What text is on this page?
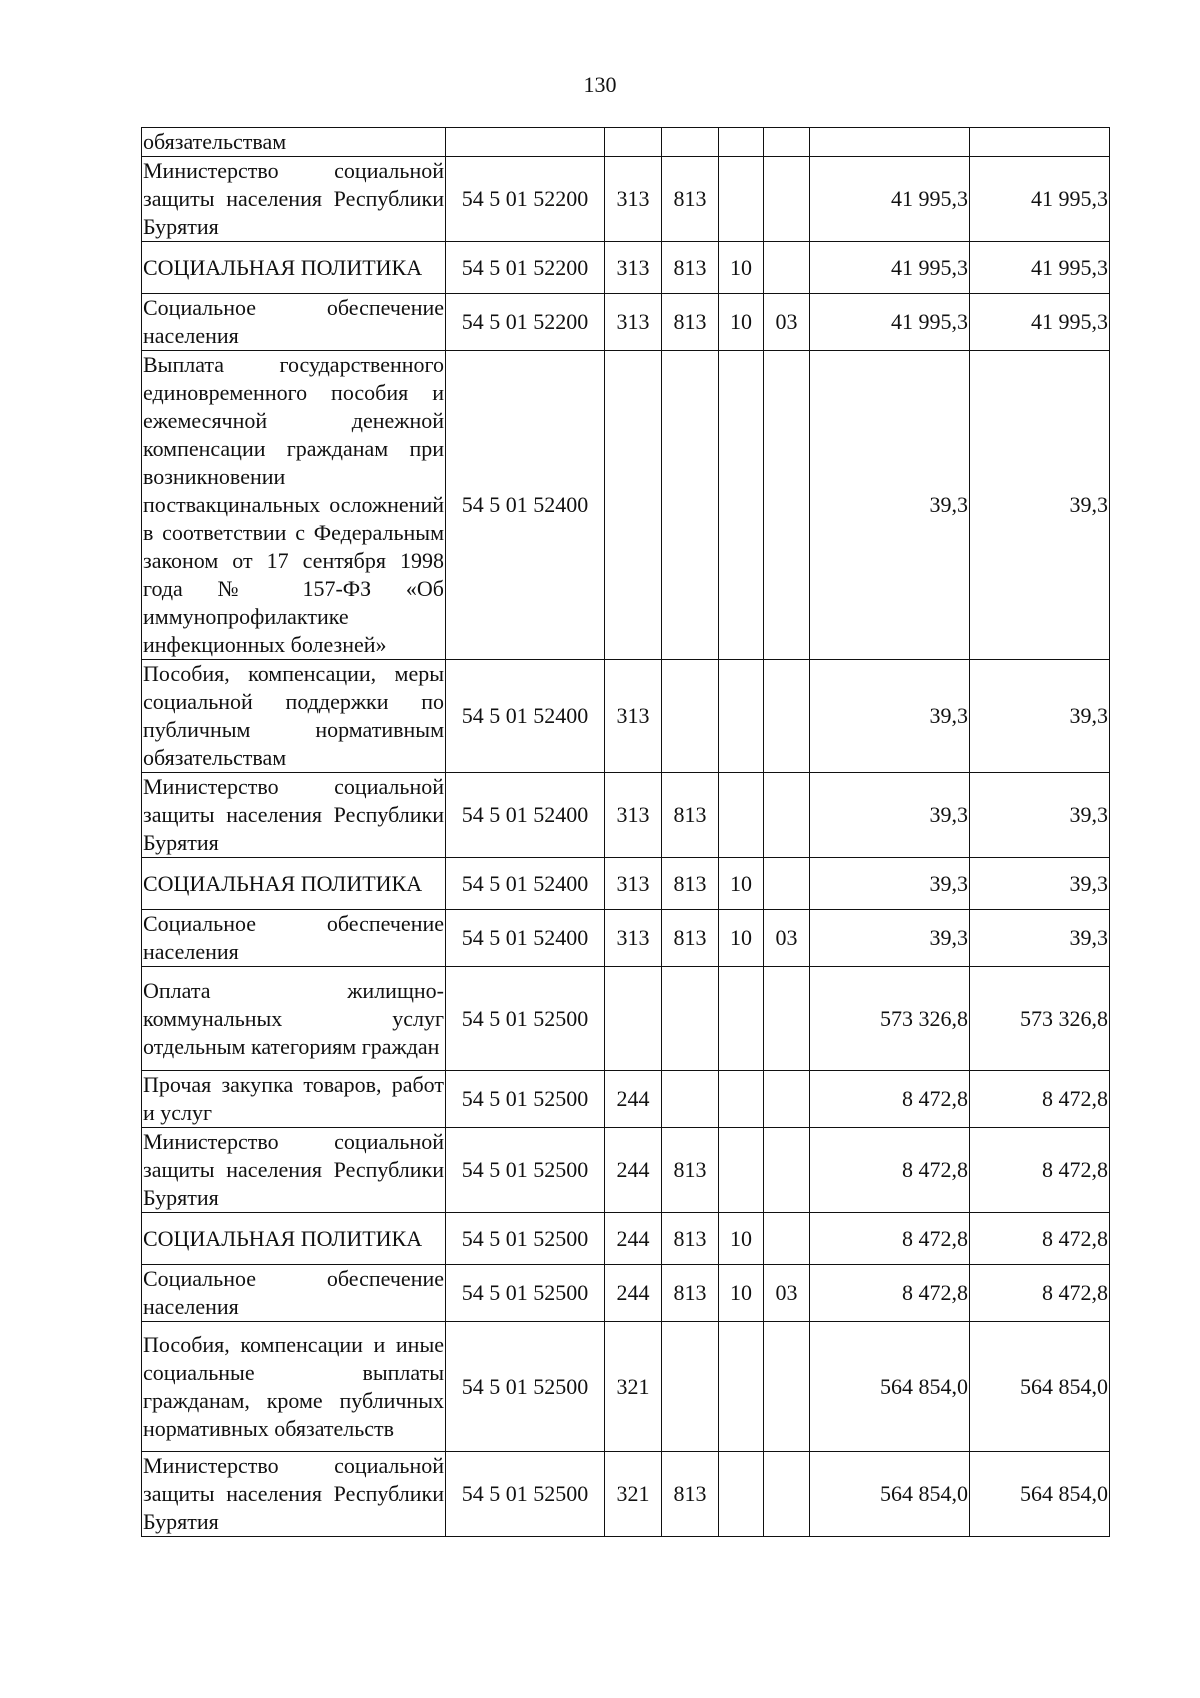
130
обязательствам							
Министерство социальной защиты населения Республики Бурятия	54 5 01 52200	313	813			41 995,3	41 995,3
СОЦИАЛЬНАЯ ПОЛИТИКА	54 5 01 52200	313	813	10		41 995,3	41 995,3
Социальное обеспечение населения	54 5 01 52200	313	813	10	03	41 995,3	41 995,3
Выплата государственного единовременного пособия и ежемесячной денежной компенсации гражданам при возникновении поствакцинальных осложнений в соответствии с Федеральным законом от 17 сентября 1998 года № 157-ФЗ «Об иммунопрофилактике инфекционных болезней»	54 5 01 52400					39,3	39,3
Пособия, компенсации, меры социальной поддержки по публичным нормативным обязательствам	54 5 01 52400	313				39,3	39,3
Министерство социальной защиты населения Республики Бурятия	54 5 01 52400	313	813			39,3	39,3
СОЦИАЛЬНАЯ ПОЛИТИКА	54 5 01 52400	313	813	10		39,3	39,3
Социальное обеспечение населения	54 5 01 52400	313	813	10	03	39,3	39,3
Оплата жилищно-коммунальных услуг отдельным категориям граждан	54 5 01 52500					573 326,8	573 326,8
Прочая закупка товаров, работ и услуг	54 5 01 52500	244				8 472,8	8 472,8
Министерство социальной защиты населения Республики Бурятия	54 5 01 52500	244	813			8 472,8	8 472,8
СОЦИАЛЬНАЯ ПОЛИТИКА	54 5 01 52500	244	813	10		8 472,8	8 472,8
Социальное обеспечение населения	54 5 01 52500	244	813	10	03	8 472,8	8 472,8
Пособия, компенсации и иные социальные выплаты гражданам, кроме публичных нормативных обязательств	54 5 01 52500	321				564 854,0	564 854,0
Министерство социальной защиты населения Республики Бурятия	54 5 01 52500	321	813			564 854,0	564 854,0
